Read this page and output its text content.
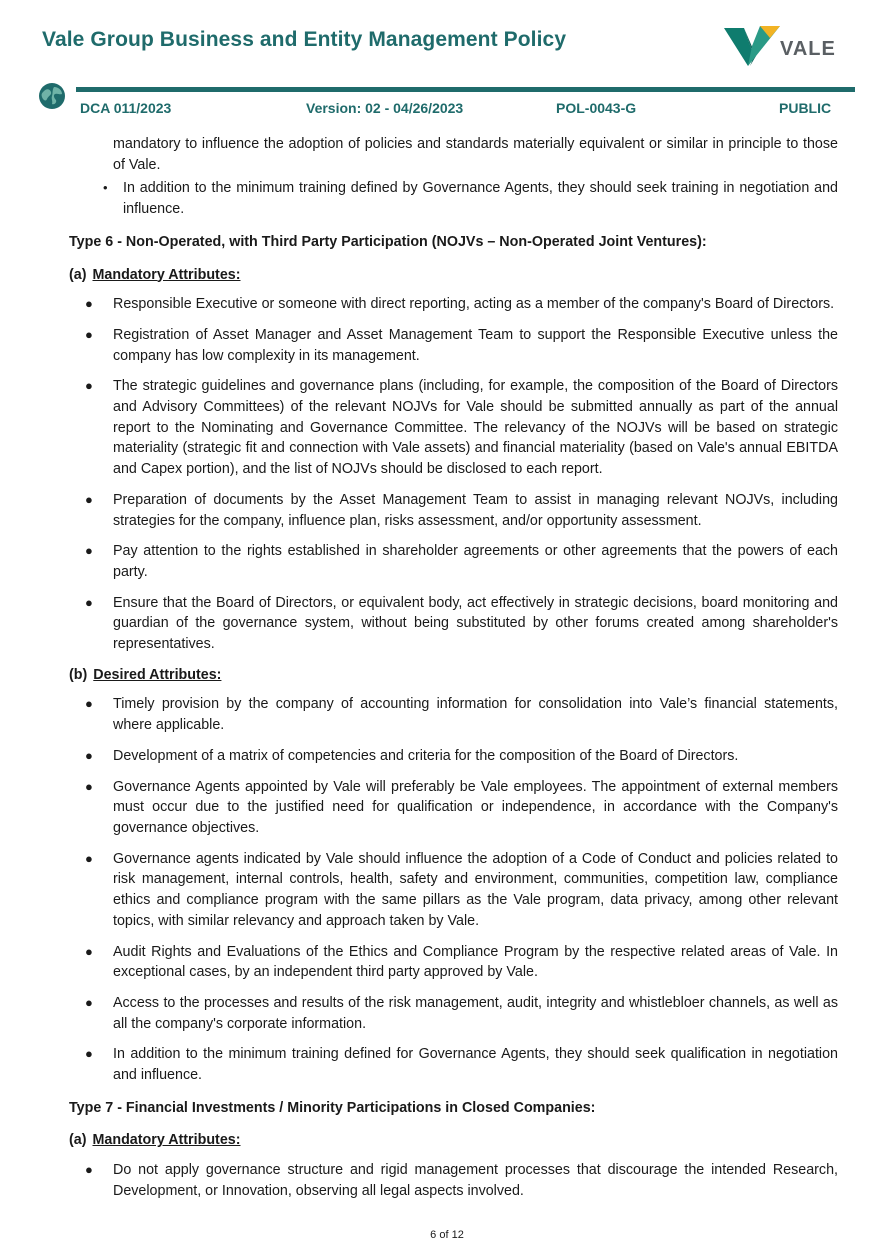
Vale Group Business and Entity Management Policy	VALE
DCA 011/2023	Version: 02 - 04/26/2023	POL-0043-G	PUBLIC

mandatory to influence the adoption of policies and standards materially equivalent or similar in principle to those of Vale.

• In addition to the minimum training defined by Governance Agents, they should seek training in negotiation and influence.
Type 6 - Non-Operated, with Third Party Participation (NOJVs – Non-Operated Joint Ventures):
(a) Mandatory Attributes:
● Responsible Executive or someone with direct reporting, acting as a member of the company's Board of Directors.
● Registration of Asset Manager and Asset Management Team to support the Responsible Executive unless the company has low complexity in its management.
● The strategic guidelines and governance plans (including, for example, the composition of the Board of Directors and Advisory Committees) of the relevant NOJVs for Vale should be submitted annually as part of the annual report to the Nominating and Governance Committee. The relevancy of the NOJVs will be based on strategic materiality (strategic fit and connection with Vale assets) and financial materiality (based on Vale's annual EBITDA and Capex portion), and the list of NOJVs should be disclosed to each report.
● Preparation of documents by the Asset Management Team to assist in managing relevant NOJVs, including strategies for the company, influence plan, risks assessment, and/or opportunity assessment.
● Pay attention to the rights established in shareholder agreements or other agreements that the powers of each party.
● Ensure that the Board of Directors, or equivalent body, act effectively in strategic decisions, board monitoring and guardian of the governance system, without being substituted by other forums created among shareholder's representatives.
(b) Desired Attributes:
● Timely provision by the company of accounting information for consolidation into Vale’s financial statements, where applicable.
● Development of a matrix of competencies and criteria for the composition of the Board of Directors.
● Governance Agents appointed by Vale will preferably be Vale employees. The appointment of external members must occur due to the justified need for qualification or independence, in accordance with the Company's governance objectives.
● Governance agents indicated by Vale should influence the adoption of a Code of Conduct and policies related to risk management, internal controls, health, safety and environment, communities, competition law, compliance ethics and compliance program with the same pillars as the Vale program, data privacy, among other relevant topics, with similar relevancy and approach taken by Vale.
● Audit Rights and Evaluations of the Ethics and Compliance Program by the respective related areas of Vale. In exceptional cases, by an independent third party approved by Vale.
● Access to the processes and results of the risk management, audit, integrity and whistlebloer channels, as well as all the company's corporate information.
● In addition to the minimum training defined for Governance Agents, they should seek qualification in negotiation and influence.
Type 7 - Financial Investments / Minority Participations in Closed Companies:
(a) Mandatory Attributes:
● Do not apply governance structure and rigid management processes that discourage the intended Research, Development, or Innovation, observing all legal aspects involved.
6 of 12
